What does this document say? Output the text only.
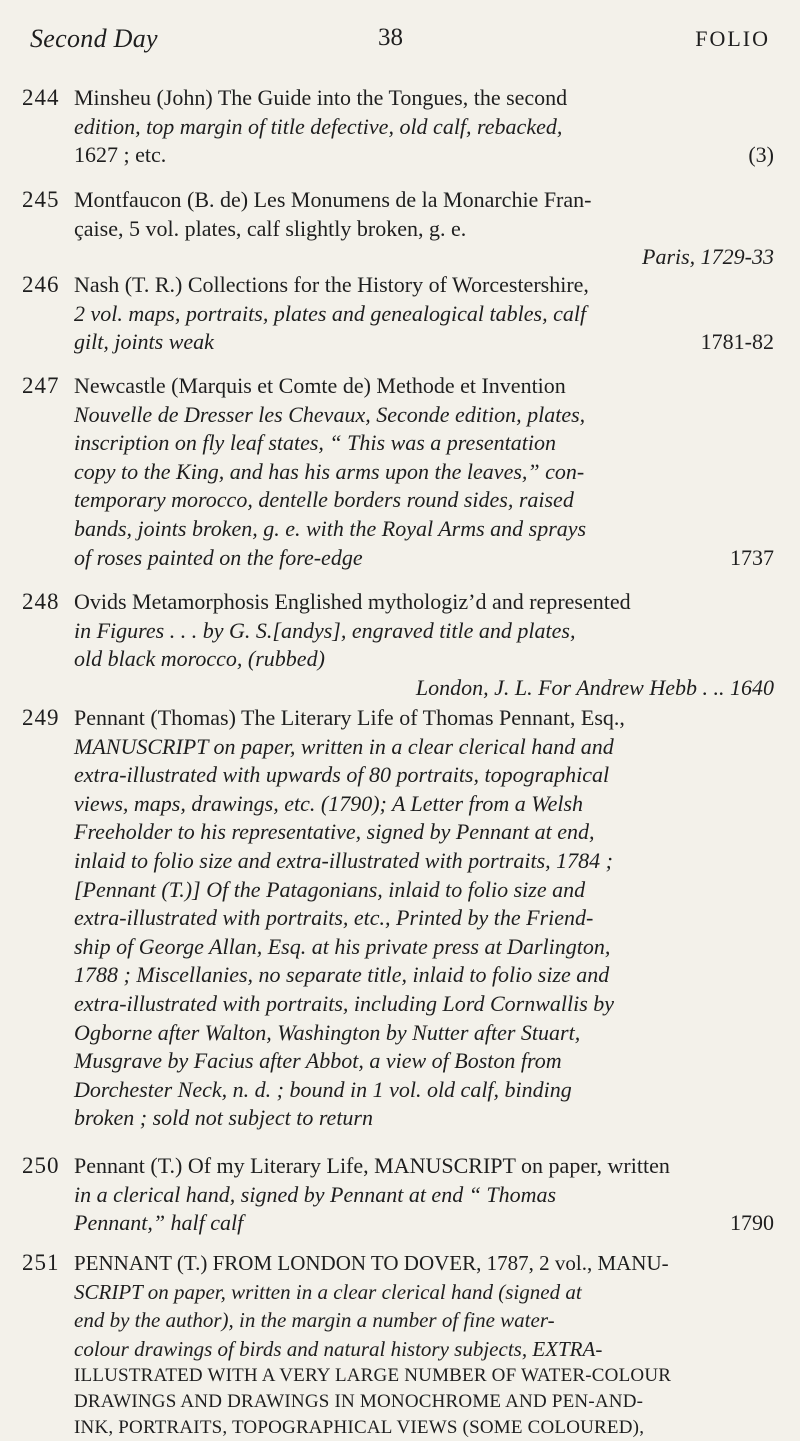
Second Day	38	FOLIO
244 Minsheu (John) The Guide into the Tongues, the second

edition, top margin of title defective, old calf, rebacked,

1627 ; etc.	(3)

245 Montfaucon (B. de) Les Monumens de la Monarchie Fran-

çaise, 5 vol. plates, calf slightly broken, g. e.

Paris, 1729-33

246 Nash (T. R.) Collections for the History of Worcestershire,

2 vol. maps, portraits, plates and genealogical tables, calf

gilt, joints weak	1781-82

247 Newcastle (Marquis et Comte de) Methode et Invention

Nouvelle de Dresser les Chevaux, Seconde edition, plates,

inscription on fly leaf states, “ This was a presentation

copy to the King, and has his arms upon the leaves,” con-

temporary morocco, dentelle borders round sides, raised

bands, joints broken, g. e. with the Royal Arms and sprays

of roses painted on the fore-edge	1737

248 Ovids Metamorphosis Englished mythologiz’d and represented

in Figures . . . by G. S.[andys], engraved title and plates,

old black morocco, (rubbed)

London, J. L. For Andrew Hebb . .. 1640

249 Pennant (Thomas) The Literary Life of Thomas Pennant, Esq.,

MANUSCRIPT on paper, written in a clear clerical hand and

extra-illustrated with upwards of 80 portraits, topographical

views, maps, drawings, etc. (1790); A Letter from a Welsh

Freeholder to his representative, signed by Pennant at end,

inlaid to folio size and extra-illustrated with portraits, 1784 ;

[Pennant (T.)] Of the Patagonians, inlaid to folio size and

extra-illustrated with portraits, etc., Printed by the Friend-

ship of George Allan, Esq. at his private press at Darlington,

1788 ; Miscellanies, no separate title, inlaid to folio size and

extra-illustrated with portraits, including Lord Cornwallis by

Ogborne after Walton, Washington by Nutter after Stuart,

Musgrave by Facius after Abbot, a view of Boston from

Dorchester Neck, n. d. ; bound in 1 vol. old calf, binding

broken ; sold not subject to return

250 Pennant (T.) Of my Literary Life, MANUSCRIPT on paper, written

in a clerical hand, signed by Pennant at end “ Thomas

Pennant,” half calf	1790

251 PENNANT (T.) FROM LONDON TO DOVER, 1787, 2 vol., MANU-

SCRIPT on paper, written in a clear clerical hand (signed at

end by the author), in the margin a number of fine water-

colour drawings of birds and natural history subjects, EXTRA-

ILLUSTRATED WITH A VERY LARGE NUMBER OF WATER-COLOUR

DRAWINGS AND DRAWINGS IN MONOCHROME AND PEN-AND-

INK, PORTRAITS, TOPOGRAPHICAL VIEWS (SOME COLOURED),
